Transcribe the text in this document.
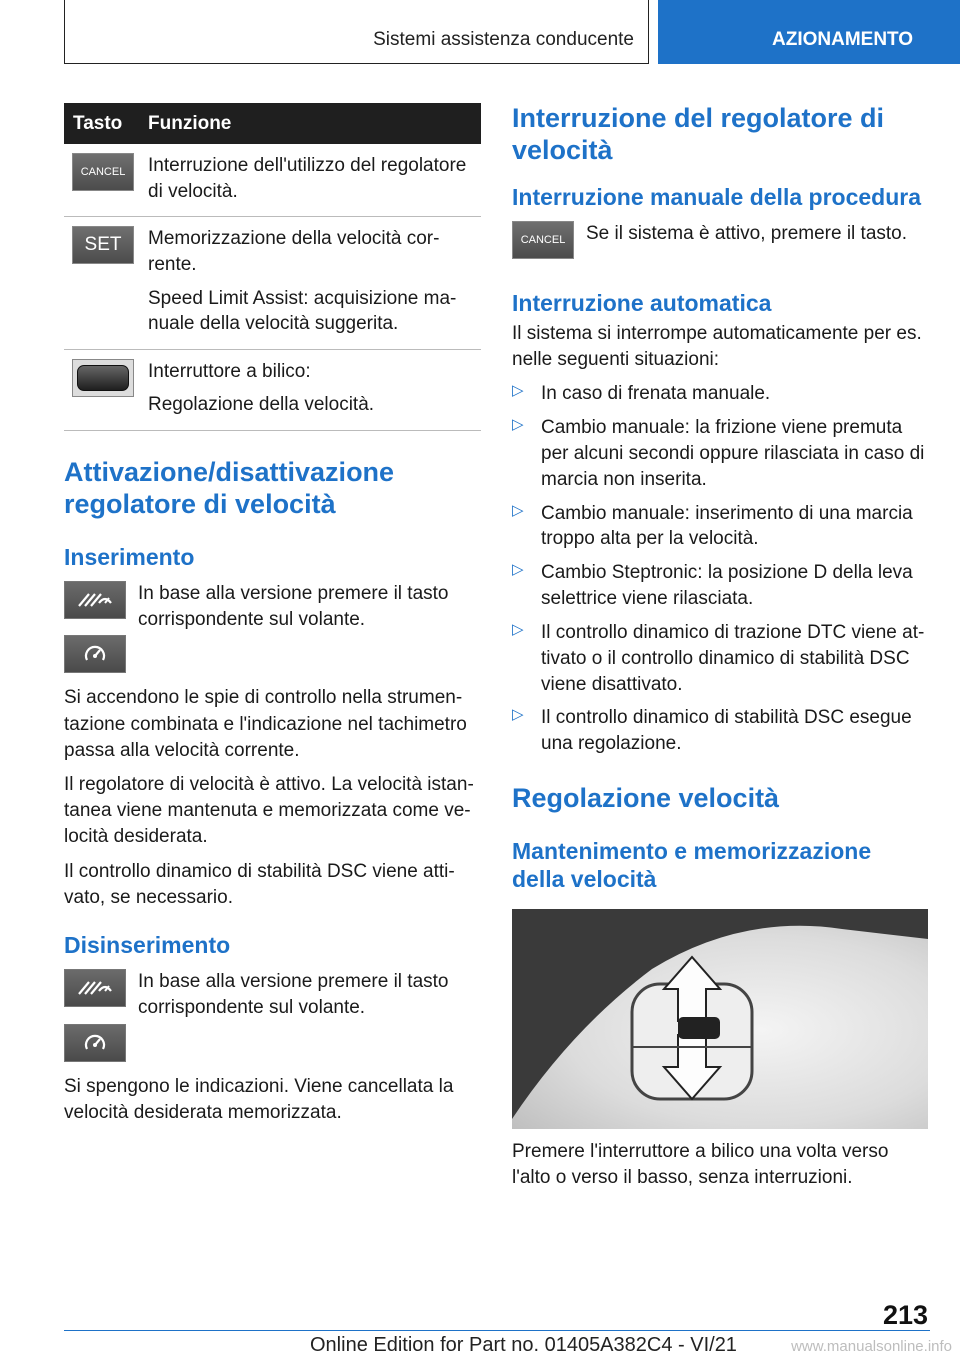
Sistemi assistenza conducente	AZIONAMENTO
Tasto	Funzione

CANCEL	Interruzione dell'utilizzo del regolatore di velocità.

SET	Memorizzazione della velocità cor-rente.

Speed Limit Assist: acquisizione ma-nuale della velocità suggerita.

	Interruttore a bilico:

Regolazione della velocità.

Attivazione/disattivazione regolatore di velocità
Inserimento
In base alla versione premere il tasto corrispondente sul volante.

Si accendono le spie di controllo nella strumen-tazione combinata e l'indicazione nel tachimetro passa alla velocità corrente.

Il regolatore di velocità è attivo. La velocità istan-tanea viene mantenuta e memorizzata come ve-locità desiderata.

Il controllo dinamico di stabilità DSC viene atti-vato, se necessario.

Disinserimento
In base alla versione premere il tasto corrispondente sul volante.

Si spengono le indicazioni. Viene cancellata la velocità desiderata memorizzata.

Interruzione del regolatore di velocità
Interruzione manuale della procedura
CANCEL	Se il sistema è attivo, premere il tasto.
Interruzione automatica

Il sistema si interrompe automaticamente per es. nelle seguenti situazioni:

▷ In caso di frenata manuale.
▷ Cambio manuale: la frizione viene premuta per alcuni secondi oppure rilasciata in caso di marcia non inserita.
▷ Cambio manuale: inserimento di una marcia troppo alta per la velocità.
▷ Cambio Steptronic: la posizione D della leva selettrice viene rilasciata.
▷ Il controllo dinamico di trazione DTC viene at-tivato o il controllo dinamico di stabilità DSC viene disattivato.
▷ Il controllo dinamico di stabilità DSC esegue una regolazione.
Regolazione velocità
Mantenimento e memorizzazione della velocità

Premere l'interruttore a bilico una volta verso l'alto o verso il basso, senza interruzioni.

213
Online Edition for Part no. 01405A382C4 - VI/21	www.manualsonline.info
